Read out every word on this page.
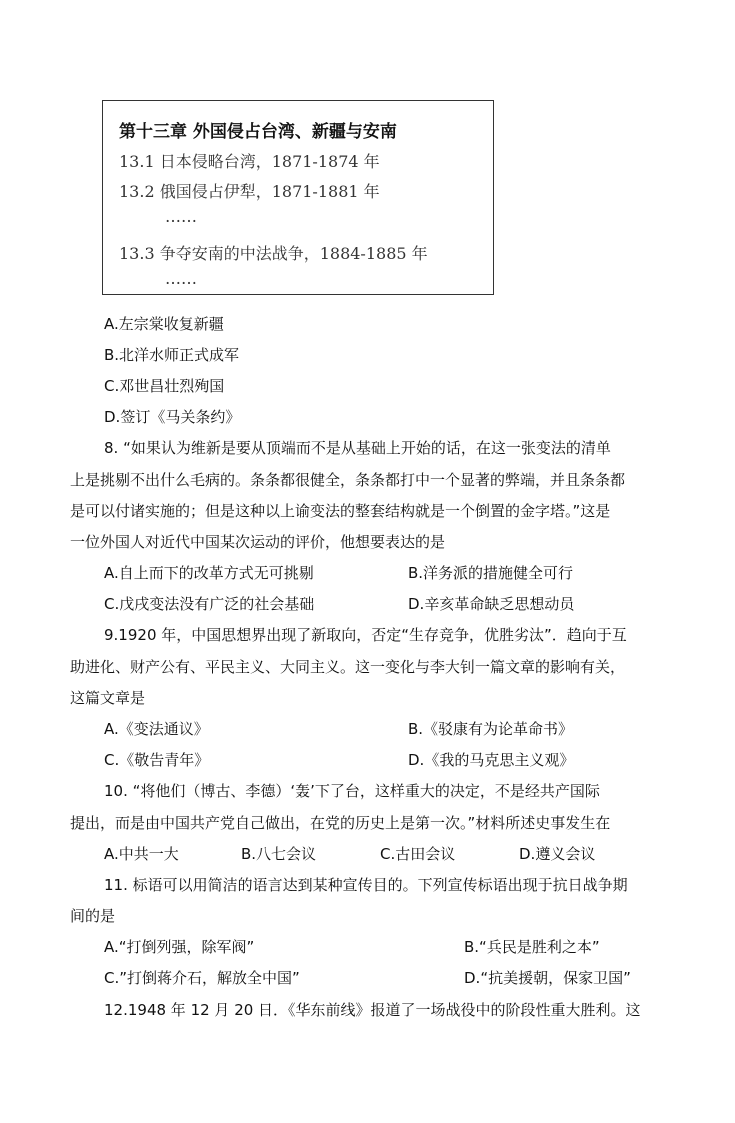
第十三章 外国侵占台湾、新疆与安南
13.1 日本侵略台湾，1871-1874 年
13.2 俄国侵占伊犁，1871-1881 年
……
13.3 争夺安南的中法战争，1884-1885 年
……
A.左宗棠收复新疆
B.北洋水师正式成军
C.邓世昌壮烈殉国
D.签订《马关条约》
8. “如果认为维新是要从顶端而不是从基础上开始的话，在这一张变法的清单
上是挑剔不出什么毛病的。条条都很健全，条条都打中一个显著的弊端，并且条条都
是可以付诸实施的；但是这种以上谕变法的整套结构就是一个倒置的金字塔。”这是
一位外国人对近代中国某次运动的评价，他想要表达的是
A.自上而下的改革方式无可挑剔	B.洋务派的措施健全可行
C.戊戌变法没有广泛的社会基础	D.辛亥革命缺乏思想动员
9.1920 年，中国思想界出现了新取向，否定“生存竞争，优胜劣汰”．趋向于互
助进化、财产公有、平民主义、大同主义。这一变化与李大钊一篇文章的影响有关，
这篇文章是
A.《变法通议》	B.《驳康有为论革命书》
C.《敬告青年》	D.《我的马克思主义观》
10. “将他们（博古、李德）‘轰’下了台，这样重大的决定，不是经共产国际
提出，而是由中国共产党自己做出，在党的历史上是第一次。”材料所述史事发生在
A.中共一大	B.八七会议	C.古田会议	D.遵义会议
11. 标语可以用简洁的语言达到某种宣传目的。下列宣传标语出现于抗日战争期
间的是
A.“打倒列强，除军阀”	B.“兵民是胜利之本”
C.”打倒蒋介石，解放全中国”	D.“抗美援朝，保家卫国”
12.1948 年 12 月 20 日．《华东前线》报道了一场战役中的阶段性重大胜利。这
